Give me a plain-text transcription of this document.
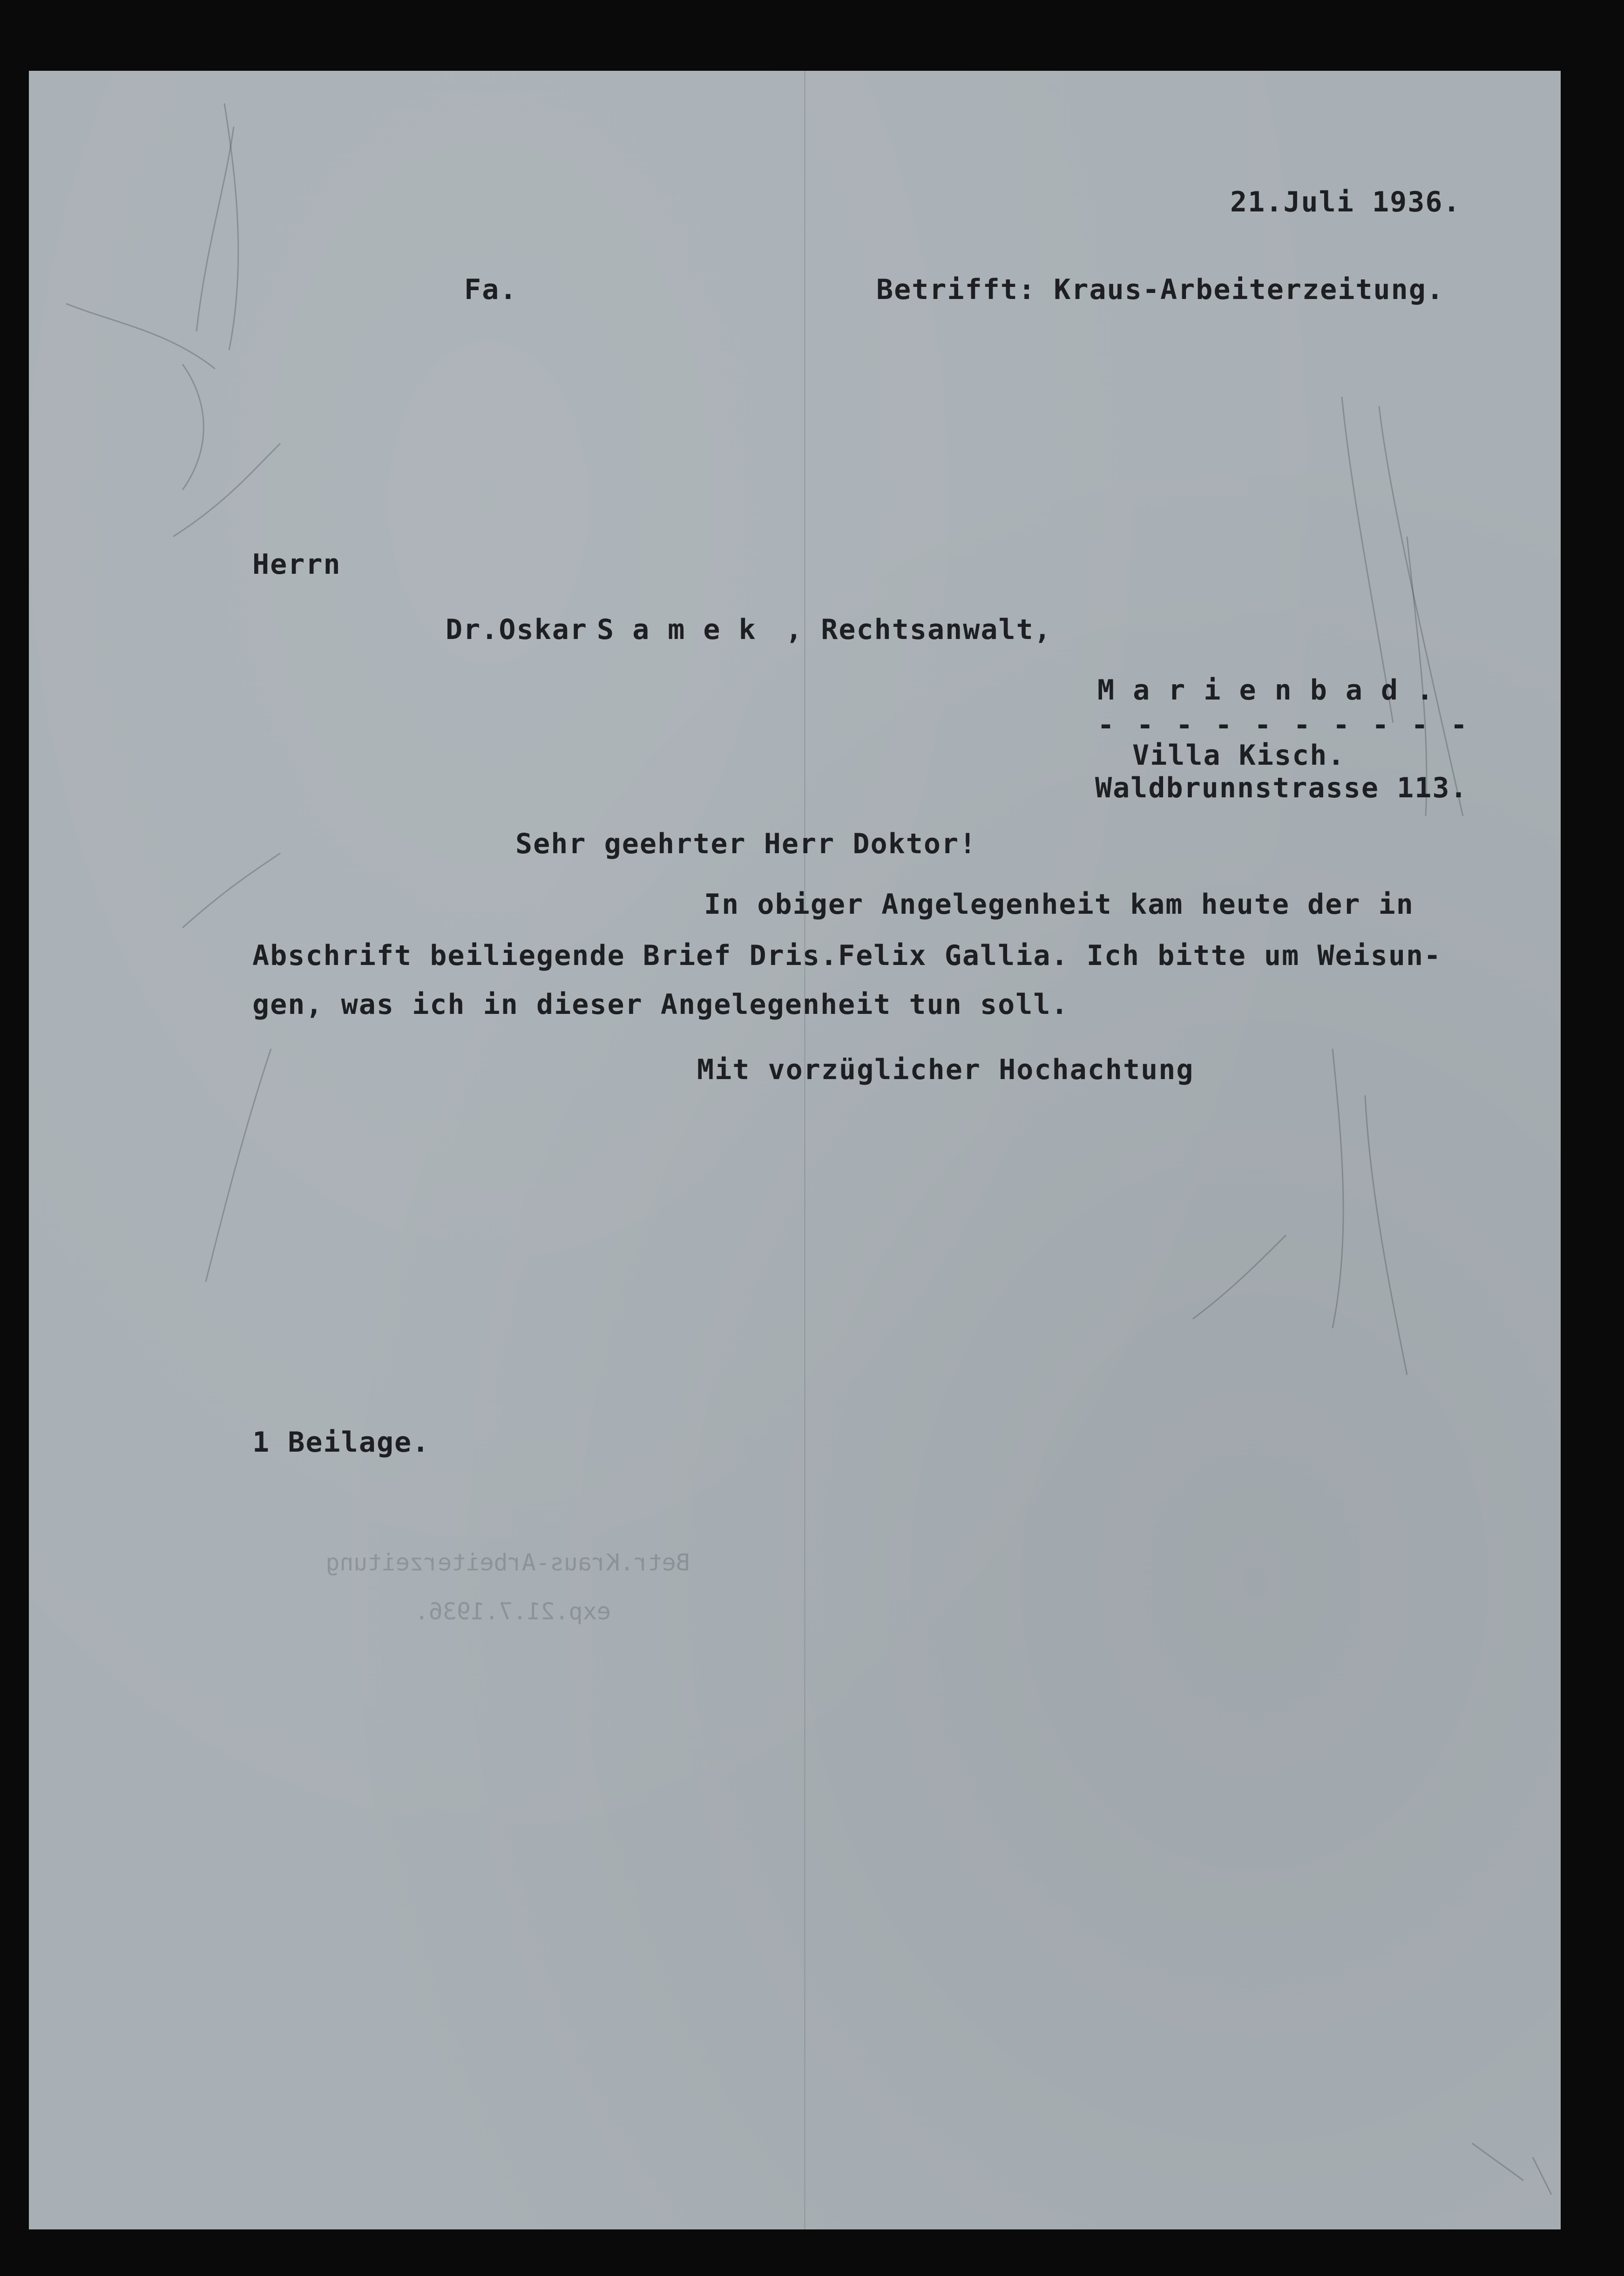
21.Juli 1936.
Fa.	Betrifft: Kraus-Arbeiterzeitung.
Herrn
Dr.Oskar Samek , Rechtsanwalt,
Marienbad.
- - - - - - - - - -
Villa Kisch.
Waldbrunnstrasse 113.
Sehr geehrter Herr Doktor!
In obiger Angelegenheit kam heute der in
Abschrift beiliegende Brief Dris.Felix Gallia. Ich bitte um Weisun-
gen, was ich in dieser Angelegenheit tun soll.
Mit vorzüglicher Hochachtung
1 Beilage.
Betr.Kraus-Arbeiterzeitung
exp.21.7.1936.
